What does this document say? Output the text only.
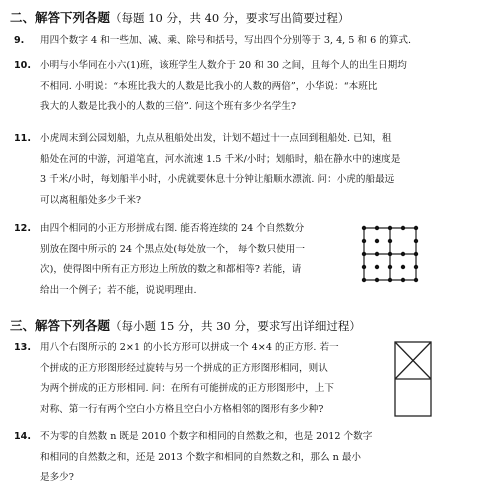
二、解答下列各题（每题 10 分，共 40 分，要求写出简要过程）
9. 用四个数字 4 和一些加、减、乘、除号和括号，写出四个分别等于 3, 4, 5 和 6 的算式.
10. 小明与小华同在小六(1)班，该班学生人数介于 20 和 30 之间，且每个人的出生日期均
不相同. 小明说：“本班比我大的人数是比我小的人数的两倍”，小华说：“本班比
我大的人数是比我小的人数的三倍”. 问这个班有多少名学生?
11. 小虎周末到公园划船，九点从租船处出发，计划不超过十一点回到租船处. 已知，租
船处在河的中游，河道笔直，河水流速 1.5 千米/小时；划船时，船在静水中的速度是
3 千米/小时，每划船半小时，小虎就要休息十分钟让船顺水漂流. 问：小虎的船最远
可以离租船处多少千米?
12. 由四个相同的小正方形拼成右图. 能否将连续的 24 个自然数分
别放在图中所示的 24 个黑点处(每处放一个， 每个数只使用一
次)，使得图中所有正方形边上所放的数之和都相等? 若能，请
给出一个例子；若不能，说说明理由.
三、解答下列各题（每小题 15 分，共 30 分，要求写出详细过程）
13. 用八个右图所示的 2×1 的小长方形可以拼成一个 4×4 的正方形. 若一
个拼成的正方形图形经过旋转与另一个拼成的正方形图形相同，则认
为两个拼成的正方形相同. 问：在所有可能拼成的正方形图形中，上下
对称、第一行有两个空白小方格且空白小方格相邻的图形有多少种?
14. 不为零的自然数 n 既是 2010 个数字和相同的自然数之和，也是 2012 个数字
和相同的自然数之和，还是 2013 个数字和相同的自然数之和，那么 n 最小
是多少?
